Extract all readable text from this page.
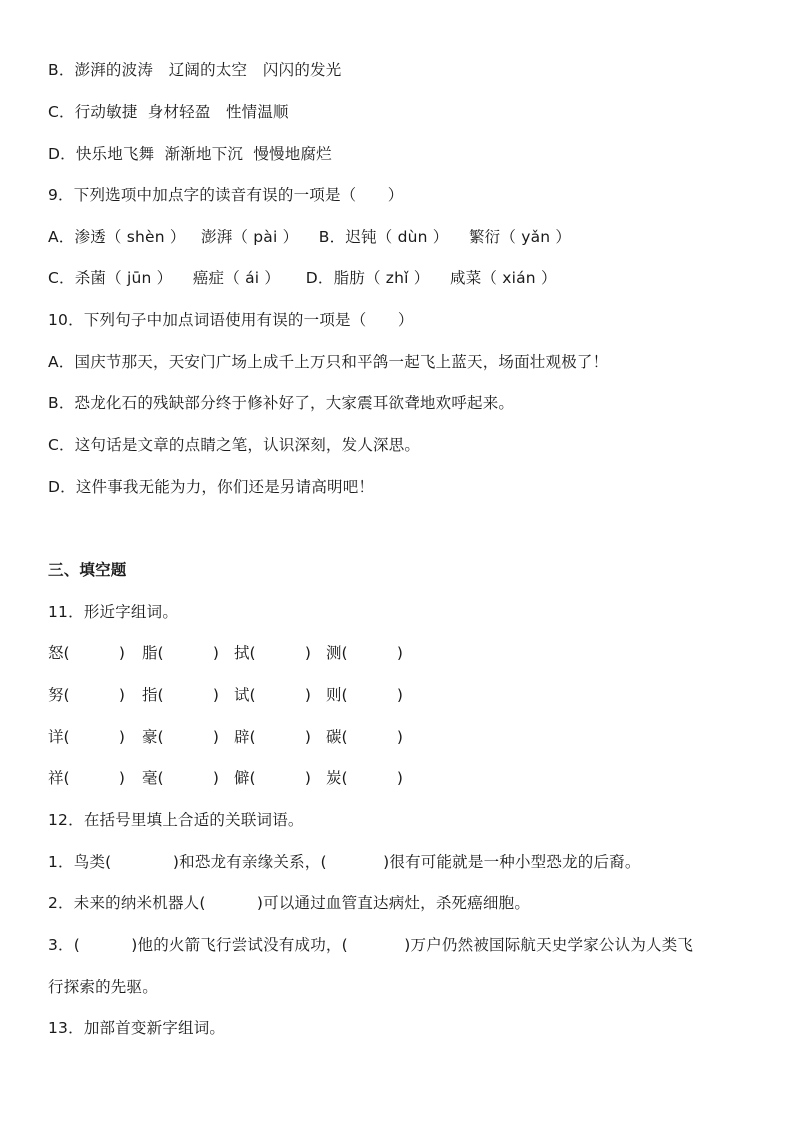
B．澎湃的波涛　辽阔的太空　闪闪的发光
C．行动敏捷  身材轻盈   性情温顺
D．快乐地飞舞  渐渐地下沉  慢慢地腐烂
9．下列选项中加点字的读音有误的一项是（　　）
A．渗透（ shèn ）   澎湃（ pài ）    B．迟钝（ dùn ）    繁衍（ yǎn ）
C．杀菌（ jūn ）    癌症（ ái ）     D．脂肪（ zhǐ ）    咸菜（ xián ）
10．下列句子中加点词语使用有误的一项是（　　）
A．国庆节那天，天安门广场上成千上万只和平鸽一起飞上蓝天，场面壮观极了！
B．恐龙化石的残缺部分终于修补好了，大家震耳欲聋地欢呼起来。
C．这句话是文章的点睛之笔，认识深刻，发人深思。
D．这件事我无能为力，你们还是另请高明吧！
三、填空题
11．形近字组词。
怒(          ) 脂(          ) 拭(          ) 测(          )
努(          ) 指(          ) 试(          ) 则(          )
详(          ) 豪(          ) 辟(          ) 碳(          )
祥(          ) 毫(          ) 僻(          ) 炭(          )
12．在括号里填上合适的关联词语。
1．鸟类(            )和恐龙有亲缘关系，(           )很有可能就是一种小型恐龙的后裔。
2．未来的纳米机器人(          )可以通过血管直达病灶，杀死癌细胞。
3．(          )他的火箭飞行尝试没有成功，(           )万户仍然被国际航天史学家公认为人类飞
行探索的先驱。
13．加部首变新字组词。
